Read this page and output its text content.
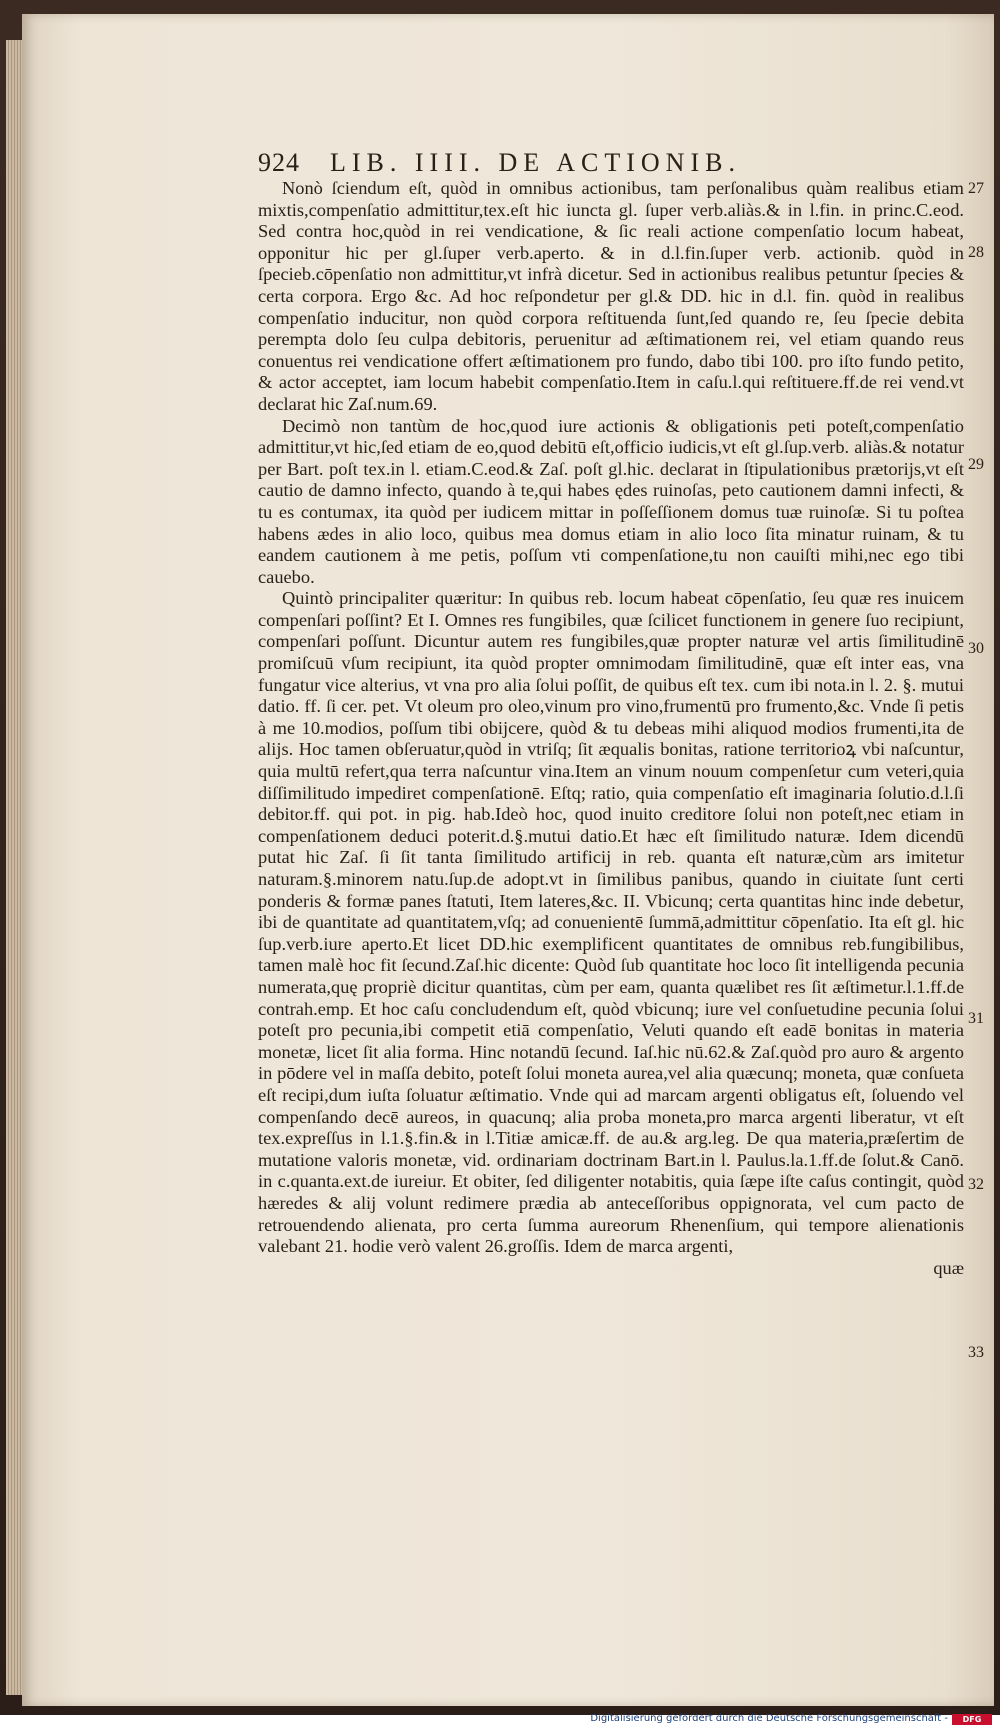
924 LIB. IIII. DE ACTIONIB.

Nonò ſciendum eſt, quòd in omnibus actionibus, tam perſonalibus quàm realibus etiam mixtis,compenſatio admittitur,tex.eſt hic iuncta gl. ſuper verb.aliàs.& in l.fin. in princ.C.eod. Sed contra hoc,quòd in rei vendicatione, & ſic reali actione compenſatio locum habeat, opponitur hic per gl.ſuper verb.aperto. & in d.l.fin.ſuper verb. actionib. quòd in ſpecieb.cōpenſatio non admittitur,vt infrà dicetur. Sed in actionibus realibus petuntur ſpecies & certa corpora. Ergo &c. Ad hoc reſpondetur per gl.& DD. hic in d.l. fin. quòd in realibus compenſatio inducitur, non quòd corpora reſtituenda ſunt,ſed quando re, ſeu ſpecie debita perempta dolo ſeu culpa debitoris, peruenitur ad æſtimationem rei, vel etiam quando reus conuentus rei vendicatione offert æſtimationem pro fundo, dabo tibi 100. pro iſto fundo petito, & actor acceptet, iam locum habebit compenſatio.Item in caſu.l.qui reſtituere.ff.de rei vend.vt declarat hic Zaſ.num.69.

Decimò non tantùm de hoc,quod iure actionis & obligationis peti poteſt,compenſatio admittitur,vt hic,ſed etiam de eo,quod debitū eſt,officio iudicis,vt eſt gl.ſup.verb. aliàs.& notatur per Bart. poſt tex.in l. etiam.C.eod.& Zaſ. poſt gl.hic. declarat in ſtipulationibus prætorijs,vt eſt cautio de damno infecto, quando à te,qui habes ędes ruinoſas, peto cautionem damni infecti, & tu es contumax, ita quòd per iudicem mittar in poſſeſſionem domus tuæ ruinoſæ. Si tu poſtea habens ædes in alio loco, quibus mea domus etiam in alio loco ſita minatur ruinam, & tu eandem cautionem à me petis, poſſum vti compenſatione,tu non cauiſti mihi,nec ego tibi cauebo.

Quintò principaliter quæritur: In quibus reb. locum habeat cōpenſatio, ſeu quæ res inuicem compenſari poſſint? Et I. Omnes res fungibiles, quæ ſcilicet functionem in genere ſuo recipiunt, compenſari poſſunt. Dicuntur autem res fungibiles,quæ propter naturæ vel artis ſimilitudinē promiſcuū vſum recipiunt, ita quòd propter omnimodam ſimilitudinē, quæ eſt inter eas, vna fungatur vice alterius, vt vna pro alia ſolui poſſit, de quibus eſt tex. cum ibi nota.in l. 2. §. mutui datio. ff. ſi cer. pet. Vt oleum pro oleo,vinum pro vino,frumentū pro frumento,&c. Vnde ſi petis à me 10.modios, poſſum tibi obijcere, quòd & tu debeas mihi aliquod modios frumenti,ita de alijs. Hoc tamen obſeruatur,quòd in vtriſq; ſit æqualis bonitas, ratione territorioꝝ vbi naſcuntur, quia multū refert,qua terra naſcuntur vina.Item an vinum nouum compenſetur cum veteri,quia diſſimilitudo impediret compenſationē. Eſtq; ratio, quia compenſatio eſt imaginaria ſolutio.d.l.ſi debitor.ff. qui pot. in pig. hab.Ideò hoc, quod inuito creditore ſolui non poteſt,nec etiam in compenſationem deduci poterit.d.§.mutui datio.Et hæc eſt ſimilitudo naturæ. Idem dicendū putat hic Zaſ. ſi ſit tanta ſimilitudo artificij in reb. quanta eſt naturæ,cùm ars imitetur naturam.§.minorem natu.ſup.de adopt.vt in ſimilibus panibus, quando in ciuitate ſunt certi ponderis & formæ panes ſtatuti, Item lateres,&c. II. Vbicunq; certa quantitas hinc inde debetur, ibi de quantitate ad quantitatem,vſq; ad conuenientē ſummā,admittitur cōpenſatio. Ita eſt gl. hic ſup.verb.iure aperto.Et licet DD.hic exemplificent quantitates de omnibus reb.fungibilibus, tamen malè hoc fit ſecund.Zaſ.hic dicente: Quòd ſub quantitate hoc loco ſit intelligenda pecunia numerata,quę propriè dicitur quantitas, cùm per eam, quanta quælibet res ſit æſtimetur.l.1.ff.de contrah.emp. Et hoc caſu concludendum eſt, quòd vbicunq; iure vel conſuetudine pecunia ſolui poteſt pro pecunia,ibi competit etiā compenſatio, Veluti quando eſt eadē bonitas in materia monetæ, licet ſit alia forma. Hinc notandū ſecund. Iaſ.hic nū.62.& Zaſ.quòd pro auro & argento in pōdere vel in maſſa debito, poteſt ſolui moneta aurea,vel alia quæcunq; moneta, quæ conſueta eſt recipi,dum iuſta ſoluatur æſtimatio. Vnde qui ad marcam argenti obligatus eſt, ſoluendo vel compenſando decē aureos, in quacunq; alia proba moneta,pro marca argenti liberatur, vt eſt tex.expreſſus in l.1.§.fin.& in l.Titiæ amicæ.ff. de au.& arg.leg. De qua materia,præſertim de mutatione valoris monetæ, vid. ordinariam doctrinam Bart.in l. Paulus.la.1.ff.de ſolut.& Canō. in c.quanta.ext.de iureiur. Et obiter, ſed diligenter notabitis, quia ſæpe iſte caſus contingit, quòd hæredes & alij volunt redimere prædia ab anteceſſoribus oppignorata, vel cum pacto de retrouendendo alienata, pro certa ſumma aureorum Rhenenſium, qui tempore alienationis valebant 21. hodie verò valent 26.groſſis. Idem de marca argenti,

quæ

27
28
29
30
31
32
33
Digitalisierung gefördert durch die Deutsche Forschungsgemeinschaft -	DFG
